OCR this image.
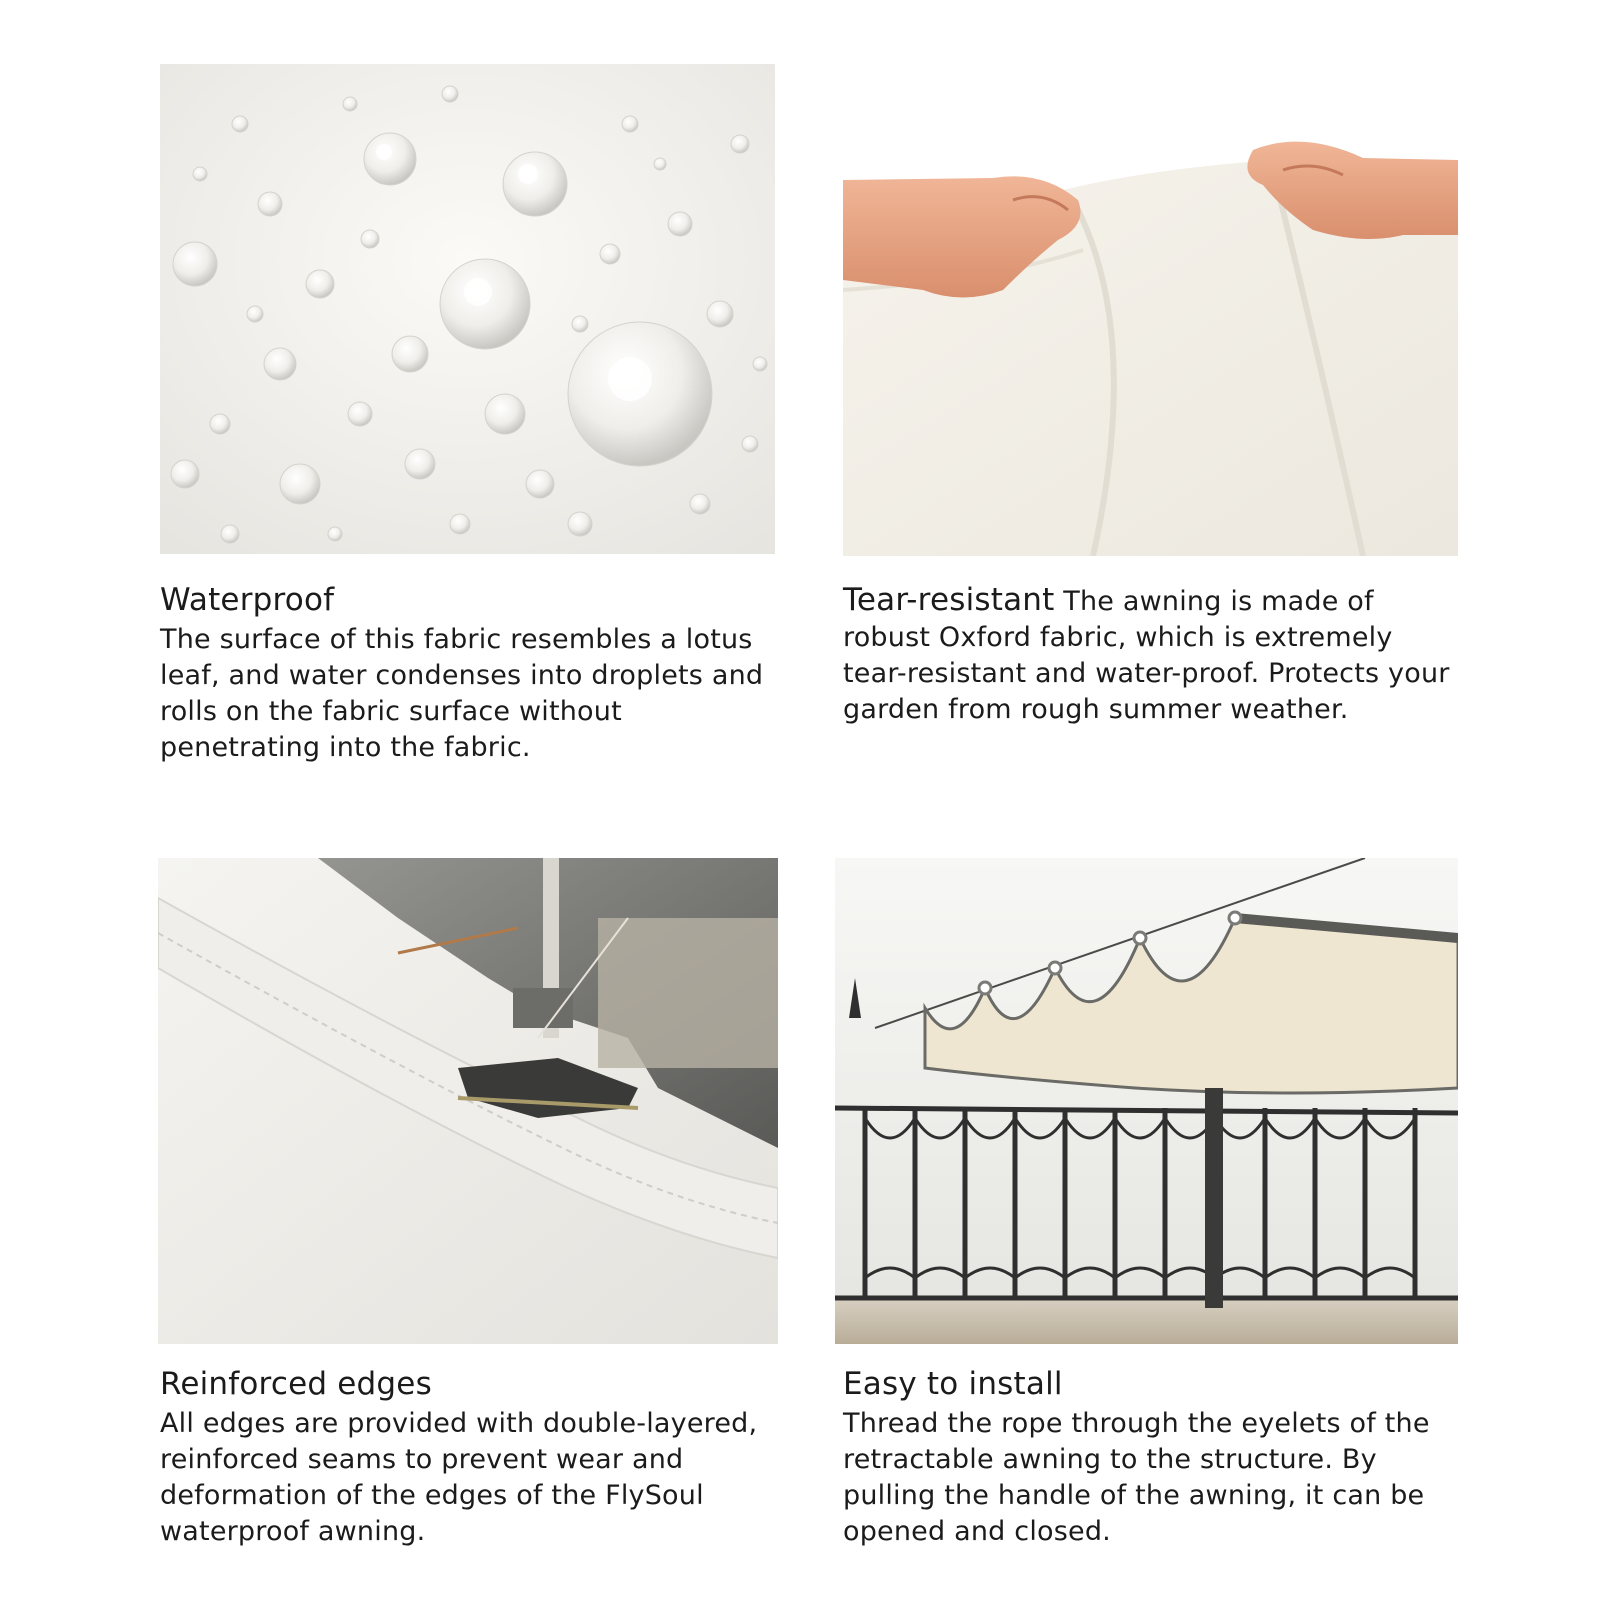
Waterproof

The surface of this fabric resembles a lotus leaf, and water condenses into droplets and rolls on the fabric surface without penetrating into the fabric.

Tear-resistant The awning is made of robust Oxford fabric, which is extremely tear-resistant and water-proof. Protects your garden from rough summer weather.

Reinforced edges

All edges are provided with double-layered, reinforced seams to prevent wear and deformation of the edges of the FlySoul waterproof awning.

Easy to install

Thread the rope through the eyelets of the retractable awning to the structure. By pulling the handle of the awning, it can be opened and closed.
